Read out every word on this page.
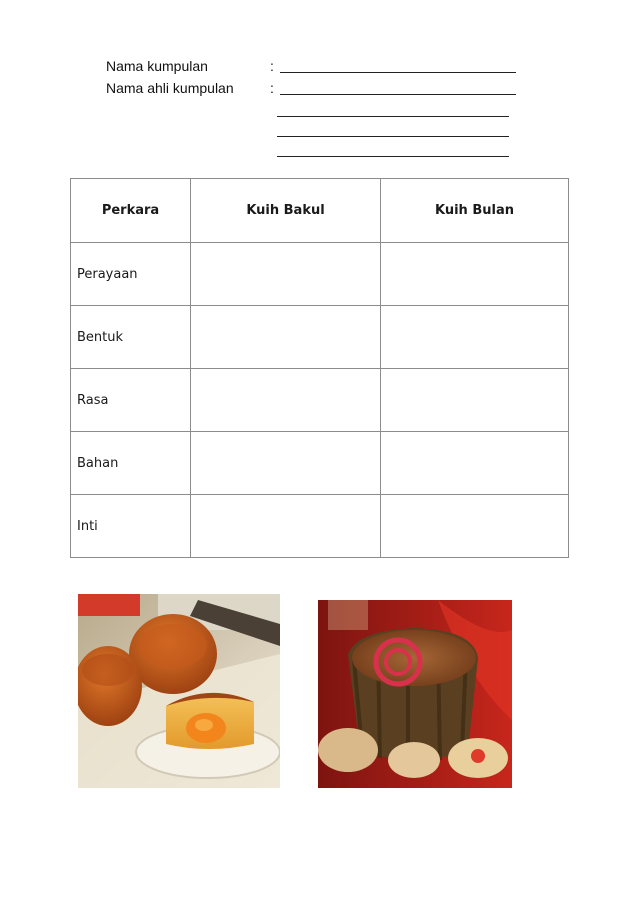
Nama kumpulan	:
Nama ahli kumpulan	:
Perkara	Kuih Bakul	Kuih Bulan
Perayaan		
Bentuk		
Rasa		
Bahan		
Inti		
